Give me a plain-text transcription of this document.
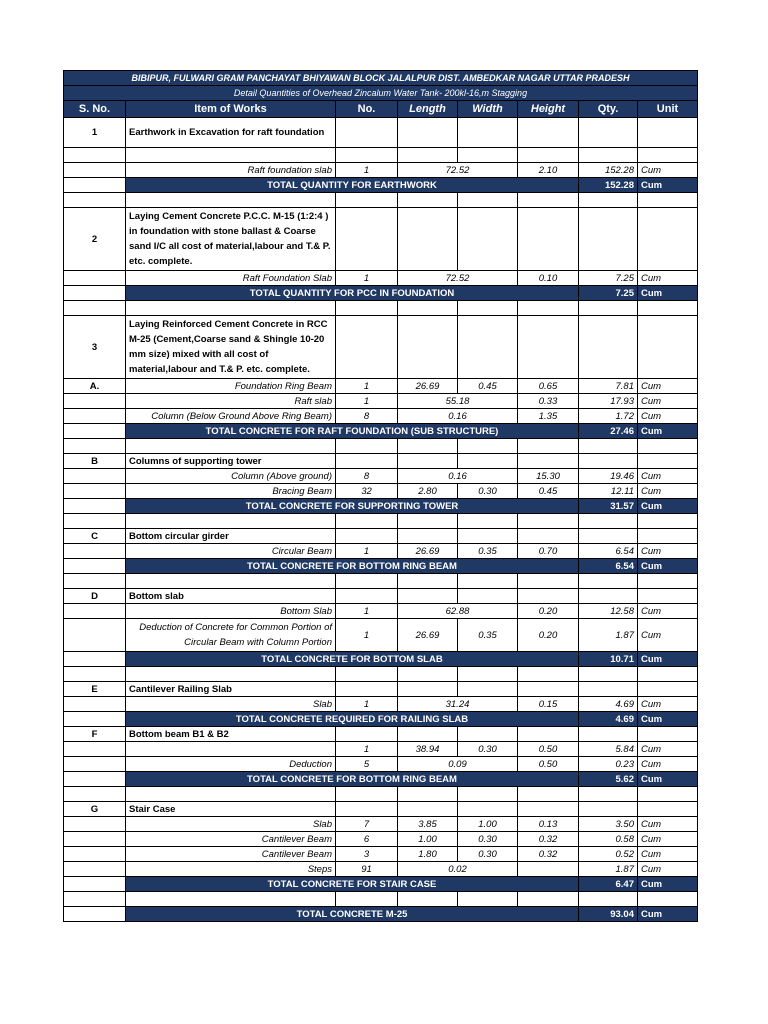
BIBIPUR, FULWARI GRAM PANCHAYAT BHIYAWAN BLOCK JALALPUR DIST. AMBEDKAR NAGAR UTTAR PRADESH							
Detail Quantities of Overhead Zincalum Water Tank- 200kl-16,m Stagging							
S. No.	Item of Works	No.	Length	Width	Height	Qty.	Unit
1	Earthwork in Excavation for raft foundation						

	Raft foundation slab	1	72.52		2.10	152.28	Cum
	TOTAL QUANTITY FOR EARTHWORK					152.28	Cum

2	Laying Cement Concrete P.C.C. M-15 (1:2:4 ) in foundation with stone ballast & Coarse sand I/C all cost of material,labour and T.& P. etc. complete.						
	Raft Foundation Slab	1	72.52		0.10	7.25	Cum
	TOTAL QUANTITY FOR PCC IN FOUNDATION					7.25	Cum

3	Laying Reinforced Cement Concrete in RCC M-25 (Cement,Coarse sand & Shingle 10-20 mm size) mixed with all cost of material,labour and T.& P. etc. complete.						
A.	Foundation Ring Beam	1	26.69	0.45	0.65	7.81	Cum
	Raft slab	1	55.18		0.33	17.93	Cum
	Column (Below Ground Above Ring Beam)	8	0.16		1.35	1.72	Cum
	TOTAL CONCRETE FOR RAFT FOUNDATION (SUB STRUCTURE)					27.46	Cum

B	Columns of supporting tower						
	Column (Above ground)	8	0.16		15.30	19.46	Cum
	Bracing Beam	32	2.80	0.30	0.45	12.11	Cum
	TOTAL CONCRETE FOR SUPPORTING TOWER					31.57	Cum

C	Bottom circular girder						
	Circular Beam	1	26.69	0.35	0.70	6.54	Cum
	TOTAL CONCRETE FOR BOTTOM RING BEAM					6.54	Cum

D	Bottom slab						
	Bottom Slab	1	62.88		0.20	12.58	Cum
	Deduction of Concrete for Common Portion of
Circular Beam with Column Portion	1	26.69	0.35	0.20	1.87	Cum
	TOTAL CONCRETE FOR BOTTOM SLAB					10.71	Cum

E	Cantilever Railing Slab						
	Slab	1	31.24		0.15	4.69	Cum
	TOTAL CONCRETE REQUIRED FOR RAILING SLAB					4.69	Cum
F	Bottom beam B1 & B2						
		1	38.94	0.30	0.50	5.84	Cum
	Deduction	5	0.09		0.50	0.23	Cum
	TOTAL CONCRETE FOR BOTTOM RING BEAM					5.62	Cum

G	Stair Case						
	Slab	7	3.85	1.00	0.13	3.50	Cum
	Cantilever Beam	6	1.00	0.30	0.32	0.58	Cum
	Cantilever Beam	3	1.80	0.30	0.32	0.52	Cum
	Steps	91	0.02			1.87	Cum
	TOTAL CONCRETE FOR STAIR CASE					6.47	Cum

	TOTAL CONCRETE M-25					93.04	Cum
